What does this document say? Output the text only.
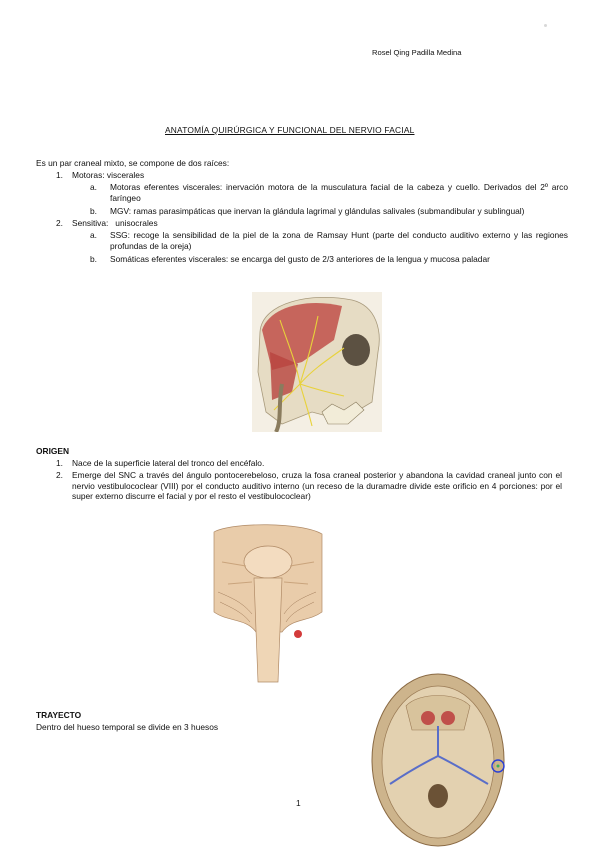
Rosel Qing Padilla Medina
ANATOMÍA QUIRÚRGICA Y FUNCIONAL DEL NERVIO FACIAL
Es un par craneal mixto, se compone de dos raíces:
1. Motoras: viscerales
a. Motoras eferentes viscerales: inervación motora de la musculatura facial de la cabeza y cuello. Derivados del 2º arco faríngeo
b. MGV: ramas parasimpáticas que inervan la glándula lagrimal y glándulas salivales (submandibular y sublingual)
2. Sensitiva:   unisocrales
a. SSG: recoge la sensibilidad de la piel de la zona de Ramsay Hunt (parte del conducto auditivo externo y las regiones profundas de la oreja)
b. Somáticas eferentes viscerales: se encarga del gusto de 2/3 anteriores de la lengua y mucosa paladar
ORIGEN
1. Nace de la superficie lateral del tronco del encéfalo.
2. Emerge del SNC a través del ángulo pontocerebeloso, cruza la fosa craneal posterior y abandona la cavidad craneal junto con el nervio vestibulococlear (VIII) por el conducto auditivo interno (un receso de la duramadre divide este orificio en 4 porciones: por el super externo discurre el facial y por el resto el vestibulococlear)
TRAYECTO
Dentro del hueso temporal se divide en 3 huesos
1
